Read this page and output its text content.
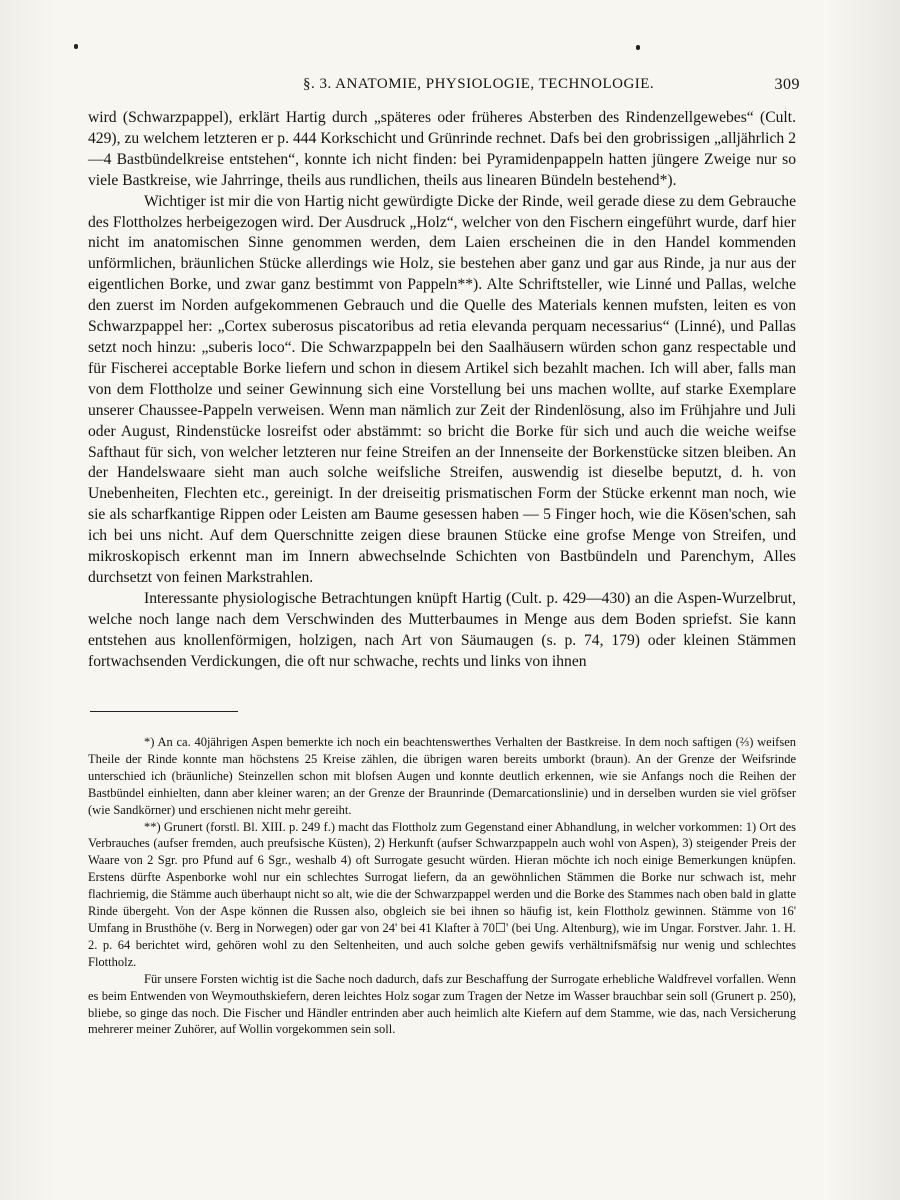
§. 3. ANATOMIE, PHYSIOLOGIE, TECHNOLOGIE.	309

wird (Schwarzpappel), erklärt Hartig durch „späteres oder früheres Absterben des Rindenzellgewebes“ (Cult. 429), zu welchem letzteren er p. 444 Korkschicht und Grünrinde rechnet. Dafs bei den grobrissigen „alljährlich 2—4 Bastbündelkreise entstehen“, konnte ich nicht finden: bei Pyramidenpappeln hatten jüngere Zweige nur so viele Bastkreise, wie Jahrringe, theils aus rundlichen, theils aus linearen Bündeln bestehend*).

Wichtiger ist mir die von Hartig nicht gewürdigte Dicke der Rinde, weil gerade diese zu dem Gebrauche des Flottholzes herbeigezogen wird. Der Ausdruck „Holz“, welcher von den Fischern eingeführt wurde, darf hier nicht im anatomischen Sinne genommen werden, dem Laien erscheinen die in den Handel kommenden unförmlichen, bräunlichen Stücke allerdings wie Holz, sie bestehen aber ganz und gar aus Rinde, ja nur aus der eigentlichen Borke, und zwar ganz bestimmt von Pappeln**). Alte Schriftsteller, wie Linné und Pallas, welche den zuerst im Norden aufgekommenen Gebrauch und die Quelle des Materials kennen mufsten, leiten es von Schwarzpappel her: „Cortex suberosus piscatoribus ad retia elevanda perquam necessarius“ (Linné), und Pallas setzt noch hinzu: „suberis loco“. Die Schwarzpappeln bei den Saalhäusern würden schon ganz respectable und für Fischerei acceptable Borke liefern und schon in diesem Artikel sich bezahlt machen. Ich will aber, falls man von dem Flottholze und seiner Gewinnung sich eine Vorstellung bei uns machen wollte, auf starke Exemplare unserer Chaussee-Pappeln verweisen. Wenn man nämlich zur Zeit der Rindenlösung, also im Frühjahre und Juli oder August, Rindenstücke losreifst oder abstämmt: so bricht die Borke für sich und auch die weiche weifse Safthaut für sich, von welcher letzteren nur feine Streifen an der Innenseite der Borkenstücke sitzen bleiben. An der Handelswaare sieht man auch solche weifsliche Streifen, auswendig ist dieselbe beputzt, d. h. von Unebenheiten, Flechten etc., gereinigt. In der dreiseitig prismatischen Form der Stücke erkennt man noch, wie sie als scharfkantige Rippen oder Leisten am Baume gesessen haben — 5 Finger hoch, wie die Kösen'schen, sah ich bei uns nicht. Auf dem Querschnitte zeigen diese braunen Stücke eine grofse Menge von Streifen, und mikroskopisch erkennt man im Innern abwechselnde Schichten von Bastbündeln und Parenchym, Alles durchsetzt von feinen Markstrahlen.

Interessante physiologische Betrachtungen knüpft Hartig (Cult. p. 429—430) an die Aspen-Wurzelbrut, welche noch lange nach dem Verschwinden des Mutterbaumes in Menge aus dem Boden spriefst. Sie kann entstehen aus knollenförmigen, holzigen, nach Art von Säumaugen (s. p. 74, 179) oder kleinen Stämmen fortwachsenden Verdickungen, die oft nur schwache, rechts und links von ihnen

*) An ca. 40jährigen Aspen bemerkte ich noch ein beachtenswerthes Verhalten der Bastkreise. In dem noch saftigen (⅔) weifsen Theile der Rinde konnte man höchstens 25 Kreise zählen, die übrigen waren bereits umborkt (braun). An der Grenze der Weifsrinde unterschied ich (bräunliche) Steinzellen schon mit blofsen Augen und konnte deutlich erkennen, wie sie Anfangs noch die Reihen der Bastbündel einhielten, dann aber kleiner waren; an der Grenze der Braunrinde (Demarcationslinie) und in derselben wurden sie viel gröfser (wie Sandkörner) und erschienen nicht mehr gereiht.

**) Grunert (forstl. Bl. XIII. p. 249 f.) macht das Flottholz zum Gegenstand einer Abhandlung, in welcher vorkommen: 1) Ort des Verbrauches (aufser fremden, auch preufsische Küsten), 2) Herkunft (aufser Schwarzpappeln auch wohl von Aspen), 3) steigender Preis der Waare von 2 Sgr. pro Pfund auf 6 Sgr., weshalb 4) oft Surrogate gesucht würden. Hieran möchte ich noch einige Bemerkungen knüpfen. Erstens dürfte Aspenborke wohl nur ein schlechtes Surrogat liefern, da an gewöhnlichen Stämmen die Borke nur schwach ist, mehr flachriemig, die Stämme auch überhaupt nicht so alt, wie die der Schwarzpappel werden und die Borke des Stammes nach oben bald in glatte Rinde übergeht. Von der Aspe können die Russen also, obgleich sie bei ihnen so häufig ist, kein Flottholz gewinnen. Stämme von 16' Umfang in Brusthöhe (v. Berg in Norwegen) oder gar von 24' bei 41 Klafter à 70☐' (bei Ung. Altenburg), wie im Ungar. Forstver. Jahr. 1. H. 2. p. 64 berichtet wird, gehören wohl zu den Seltenheiten, und auch solche geben gewifs verhältnifsmäfsig nur wenig und schlechtes Flottholz.

Für unsere Forsten wichtig ist die Sache noch dadurch, dafs zur Beschaffung der Surrogate erhebliche Waldfrevel vorfallen. Wenn es beim Entwenden von Weymouthskiefern, deren leichtes Holz sogar zum Tragen der Netze im Wasser brauchbar sein soll (Grunert p. 250), bliebe, so ginge das noch. Die Fischer und Händler entrinden aber auch heimlich alte Kiefern auf dem Stamme, wie das, nach Versicherung mehrerer meiner Zuhörer, auf Wollin vorgekommen sein soll.
